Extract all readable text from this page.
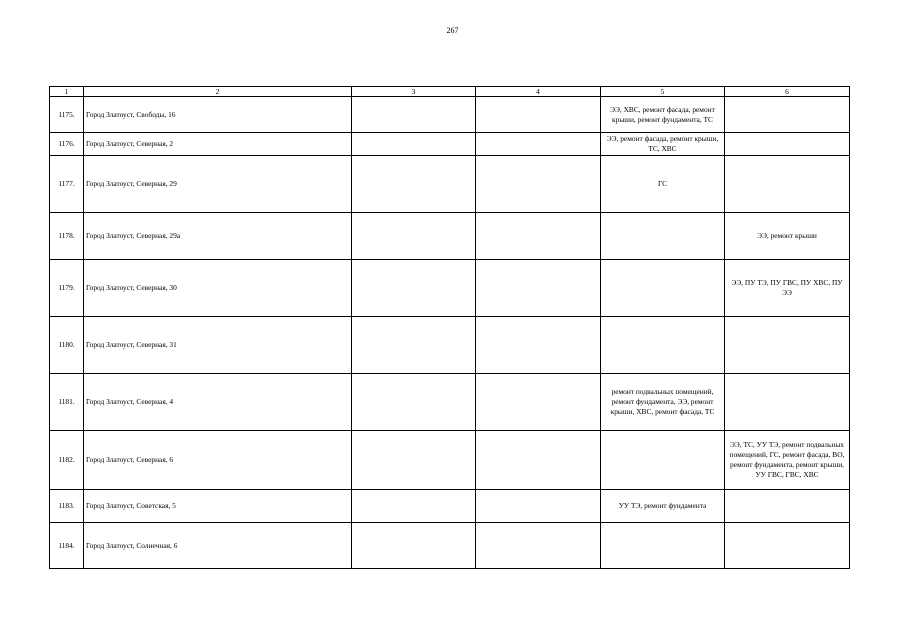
267
1	2	3	4	5	6
1175.	Город Златоуст, Свободы, 16			ЭЭ, ХВС, ремонт фасада, ремонт крыши, ремонт фундамента, ТС	
1176.	Город Златоуст, Северная, 2			ЭЭ, ремонт фасада, ремонт крыши, ТС, ХВС	
1177.	Город Златоуст, Северная, 29			ГС	
1178.	Город Златоуст, Северная, 29а				ЭЭ, ремонт крыши
1179.	Город Златоуст, Северная, 30				ЭЭ, ПУ ТЭ, ПУ ГВС, ПУ ХВС, ПУ ЭЭ
1180.	Город Златоуст, Северная, 31				
1181.	Город Златоуст, Северная, 4			ремонт подвальных помещений, ремонт фундамента, ЭЭ, ремонт крыши, ХВС, ремонт фасада, ТС	
1182.	Город Златоуст, Северная, 6				ЭЭ, ТС, УУ ТЭ, ремонт подвальных помещений, ГС, ремонт фасада, ВО, ремонт фундамента, ремонт крыши, УУ ГВС, ГВС, ХВС
1183.	Город Златоуст, Советская, 5			УУ ТЭ, ремонт фундамента	
1184.	Город Златоуст, Солнечная, 6				
